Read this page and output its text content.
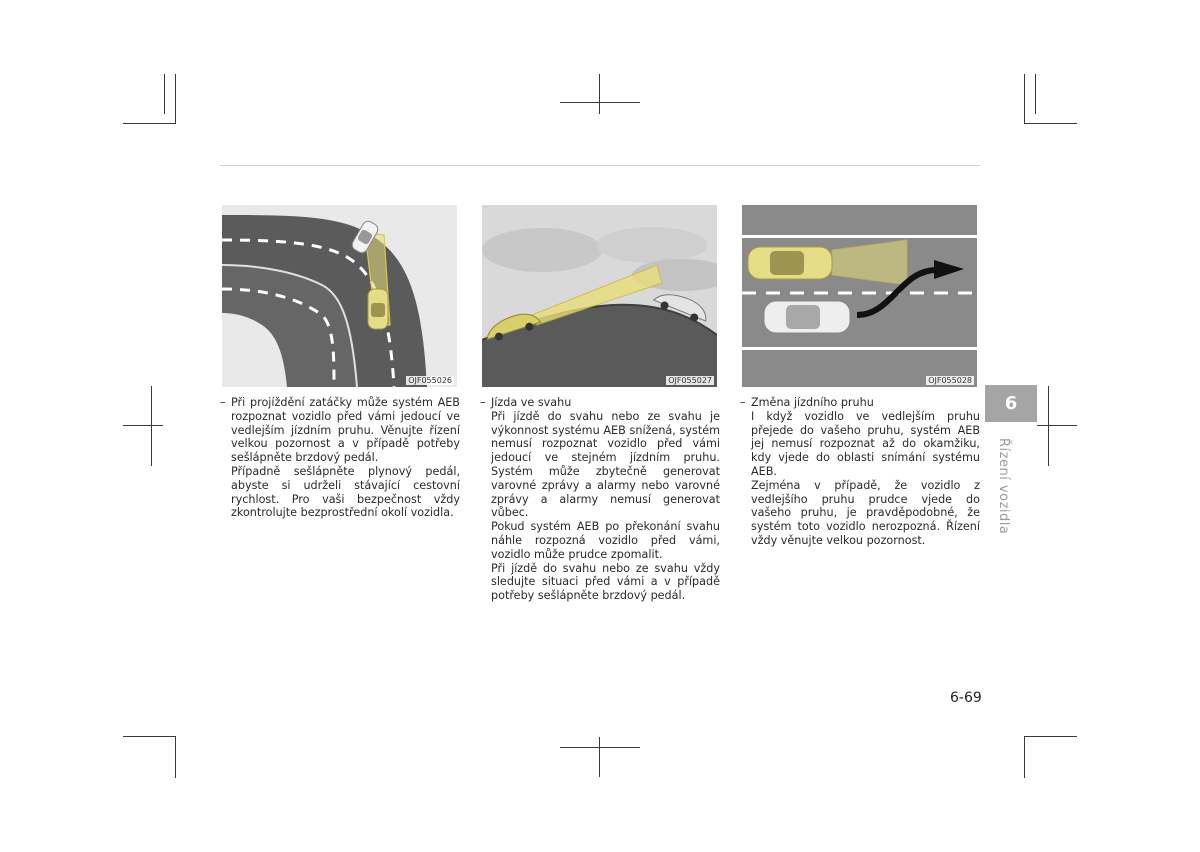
OJF055026	OJF055027	OJF055028
– Při projíždění zatáčky může systém AEB rozpoznat vozidlo před vámi jedoucí ve vedlejším jízdním pruhu. Věnujte řízení velkou pozornost a v případě potřeby sešlápněte brzdový pedál.

Případně sešlápněte plynový pedál, abyste si udrželi stávající cestovní rychlost. Pro vaši bezpečnost vždy zkontrolujte bezprostřední okolí vozidla.

– Jízda ve svahu

Při jízdě do svahu nebo ze svahu je výkonnost systému AEB snížená, systém nemusí rozpoznat vozidlo před vámi jedoucí ve stejném jízdním pruhu. Systém může zbytečně generovat varovné zprávy a alarmy nebo varovné zprávy a alarmy nemusí generovat vůbec.

Pokud systém AEB po překonání svahu náhle rozpozná vozidlo před vámi, vozidlo může prudce zpomalit.

Při jízdě do svahu nebo ze svahu vždy sledujte situaci před vámi a v případě potřeby sešlápněte brzdový pedál.

– Změna jízdního pruhu

I když vozidlo ve vedlejším pruhu přejede do vašeho pruhu, systém AEB jej nemusí rozpoznat až do okamžiku, kdy vjede do oblasti snímání systému AEB.

Zejména v případě, že vozidlo z vedlejšího pruhu prudce vjede do vašeho pruhu, je pravděpodobné, že systém toto vozidlo nerozpozná. Řízení vždy věnujte velkou pozornost.

6
Řízení vozidla
6-69
